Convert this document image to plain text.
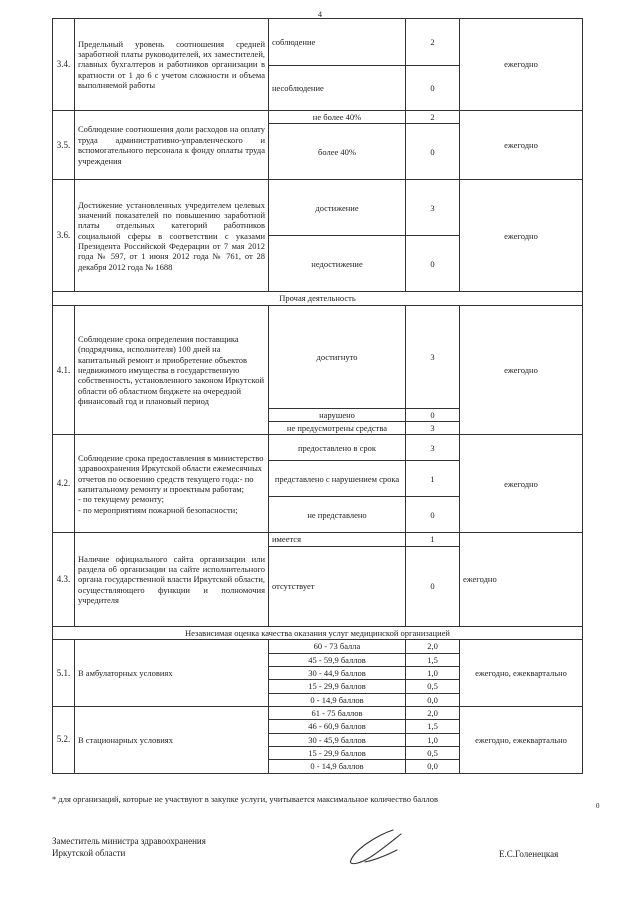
4
3.4.	Предельный уровень соотношения средней заработной платы руководителей, их заместителей, главных бухгалтеров и работников организации в кратности от 1 до 6 с учетом сложности и объема выполняемой работы	соблюдение	2	ежегодно
		несоблюдение	0	
3.5.	Соблюдение соотношения доли расходов на оплату труда административно-управленческого и вспомогательного персонала к фонду оплаты труда учреждения	не более 40%	2	ежегодно
		более 40%	0	
3.6.	Достижение установленных учредителем целевых значений показателей по повышению заработной платы отдельных категорий работников социальной сферы в соответствии с указами Президента Российской Федерации от 7 мая 2012 года № 597, от 1 июня 2012 года № 761, от 28 декабря 2012 года № 1688	достижение	3	ежегодно
		недостижение	0	
Прочая деятельность				
4.1.	Соблюдение срока определения поставщика (подрядчика, исполнителя) 100 дней на капитальный ремонт и приобретение объектов недвижимого имущества в государственную собственность, установленного законом Иркутской области об областном бюджете на очередной финансовый год и плановый период	достигнуто	3	ежегодно
		нарушено	0	
		не предусмотрены средства	3	
4.2.	Соблюдение срока предоставления в министерство здравоохранения Иркутской области ежемесячных отчетов по освоению средств текущего года:- по капитальному ремонту и проектным работам;
- по текущему ремонту;
- по мероприятиям пожарной безопасности;	предоставлено в срок	3	ежегодно
		представлено с нарушением срока	1	
		не представлено	0	
4.3.	Наличие официального сайта организации или раздела об организации на сайте исполнительного органа государственной власти Иркутской области, осуществляющего функции и полномочия учредителя	имеется	1	ежегодно
		отсутствует	0	
Независимая оценка качества оказания услуг медицинской организацией				
5.1.	В амбулаторных условиях	60 - 73 балла	2,0	ежегодно, ежеквартально
		45 - 59,9 баллов	1,5	
		30 - 44,9 баллов	1,0	
		15 - 29,9 баллов	0,5	
		0 - 14,9 баллов	0,0	
5.2.	В стационарных условиях	61 - 75 баллов	2,0	ежегодно, ежеквартально
		46 - 60,9 баллов	1,5	
		30 - 45,9 баллов	1,0	
		15 - 29,9 баллов	0,5	
		0 - 14,9 баллов	0,0	
* для организаций, которые не участвуют в закупке услуги, учитывается максимальное количество баллов
0
Заместитель министра здравоохранения
Иркутской области	Е.С.Голенецкая
